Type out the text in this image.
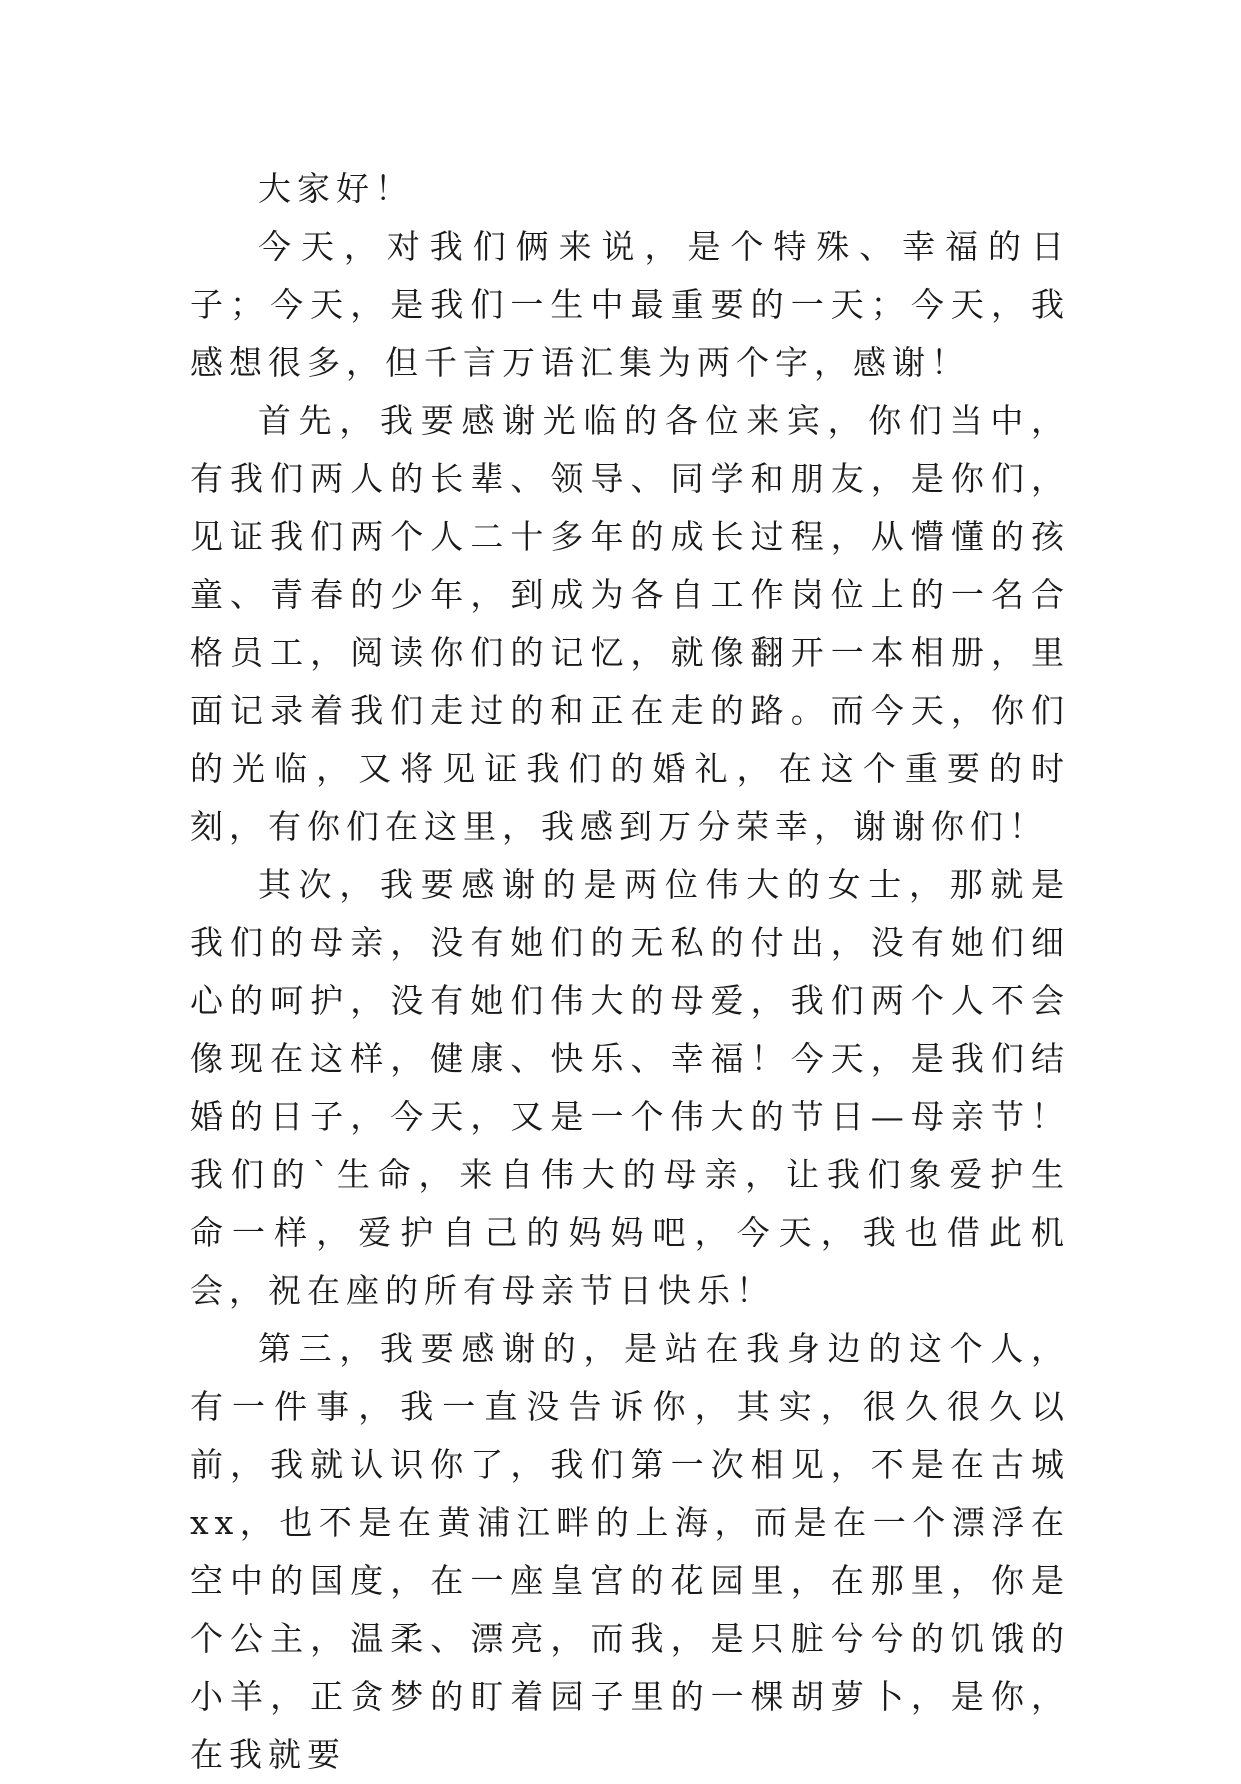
大家好！

今天，对我们俩来说，是个特殊、幸福的日子；今天，是我们一生中最重要的一天；今天，我感想很多，但千言万语汇集为两个字，感谢！

首先，我要感谢光临的各位来宾，你们当中，有我们两人的长辈、领导、同学和朋友，是你们，见证我们两个人二十多年的成长过程，从懵懂的孩童、青春的少年，到成为各自工作岗位上的一名合格员工，阅读你们的记忆，就像翻开一本相册，里面记录着我们走过的和正在走的路。而今天，你们的光临，又将见证我们的婚礼，在这个重要的时刻，有你们在这里，我感到万分荣幸，谢谢你们！

其次，我要感谢的是两位伟大的女士，那就是我们的母亲，没有她们的无私的付出，没有她们细心的呵护，没有她们伟大的母爱，我们两个人不会像现在这样，健康、快乐、幸福！今天，是我们结婚的日子，今天，又是一个伟大的节日—母亲节！我们的`生命，来自伟大的母亲，让我们象爱护生命一样，爱护自己的妈妈吧，今天，我也借此机会，祝在座的所有母亲节日快乐！

第三，我要感谢的，是站在我身边的这个人，有一件事，我一直没告诉你，其实，很久很久以前，我就认识你了，我们第一次相见，不是在古城xx，也不是在黄浦江畔的上海，而是在一个漂浮在空中的国度，在一座皇宫的花园里，在那里，你是个公主，温柔、漂亮，而我，是只脏兮兮的饥饿的小羊，正贪梦的盯着园子里的一棵胡萝卜，是你，在我就要
